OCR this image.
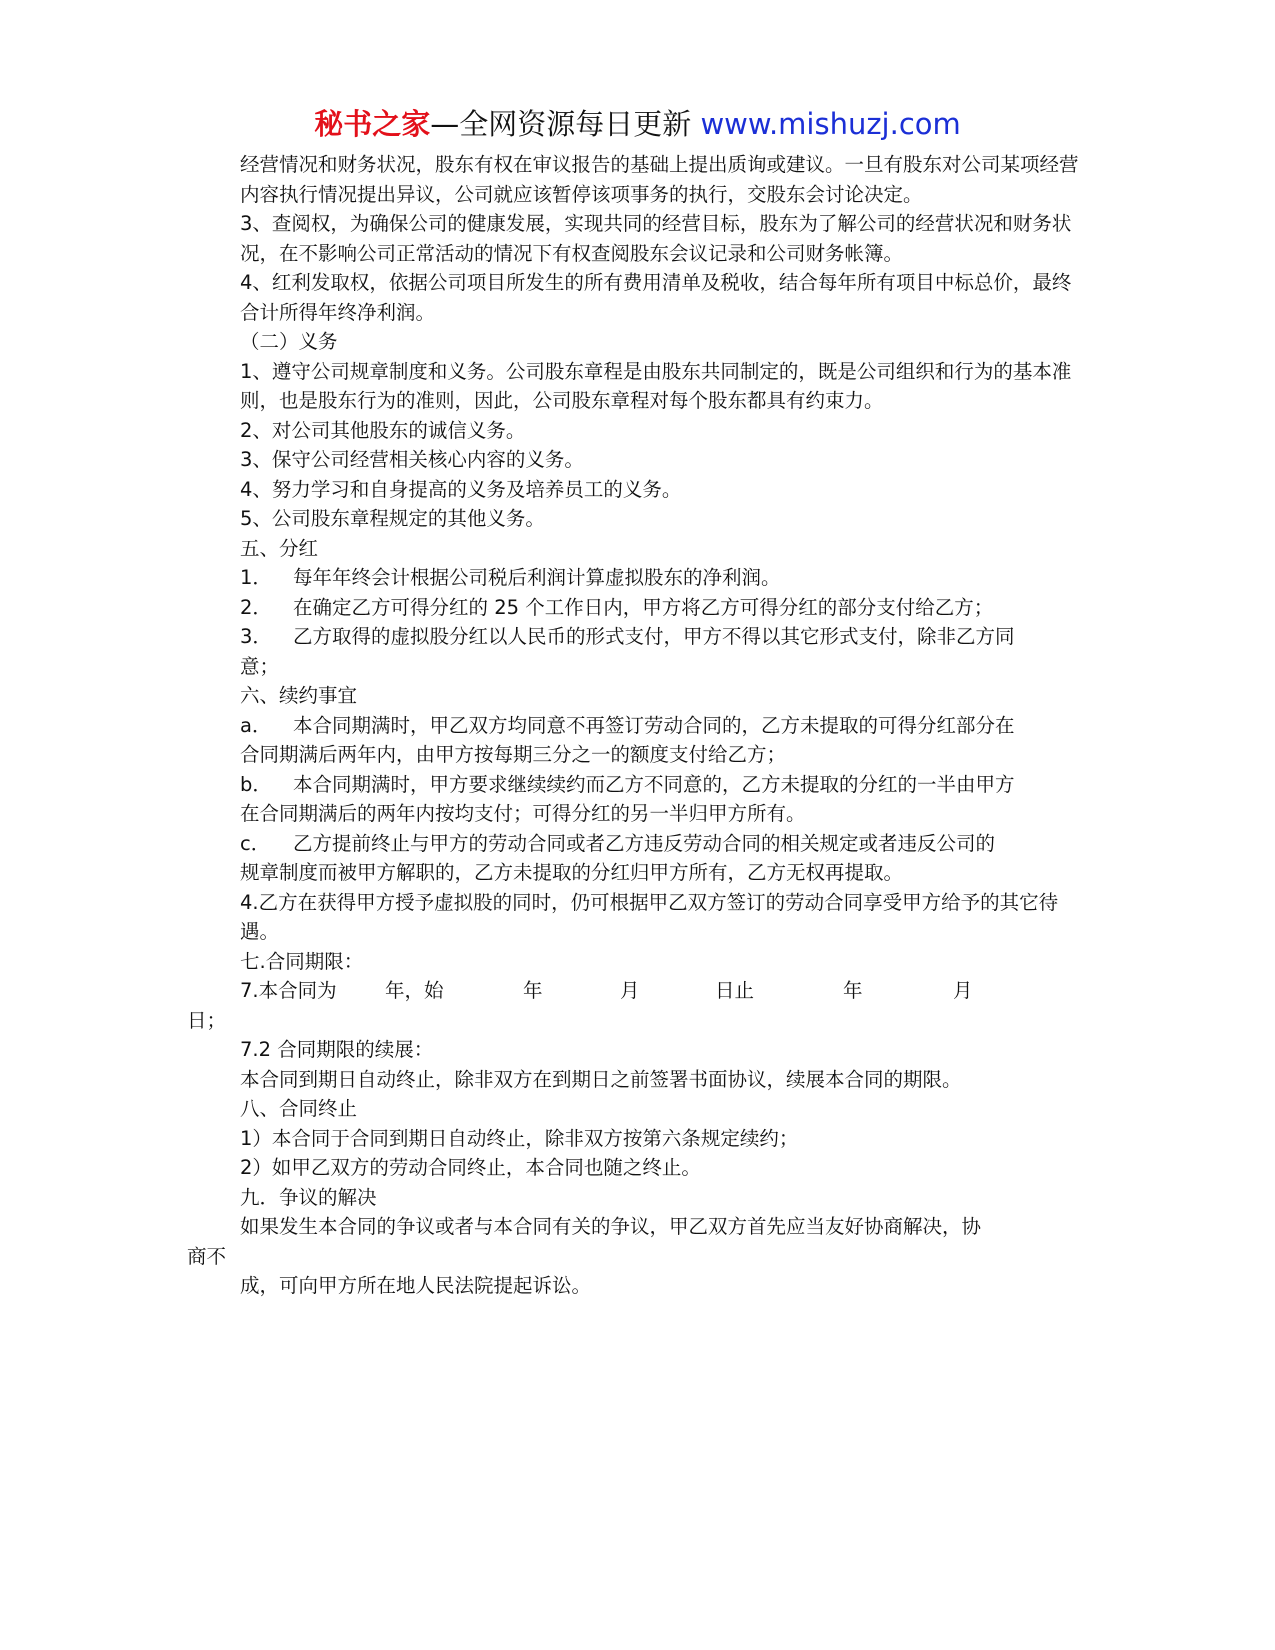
秘书之家—全网资源每日更新 www.mishuzj.com

经营情况和财务状况，股东有权在审议报告的基础上提出质询或建议。一旦有股东对公司某项经营内容执行情况提出异议，公司就应该暂停该项事务的执行，交股东会讨论决定。

3、查阅权，为确保公司的健康发展，实现共同的经营目标，股东为了解公司的经营状况和财务状况，在不影响公司正常活动的情况下有权查阅股东会议记录和公司财务帐簿。

4、红利发取权，依据公司项目所发生的所有费用清单及税收，结合每年所有项目中标总价，最终合计所得年终净利润。

（二）义务

1、遵守公司规章制度和义务。公司股东章程是由股东共同制定的，既是公司组织和行为的基本准则，也是股东行为的准则，因此，公司股东章程对每个股东都具有约束力。

2、对公司其他股东的诚信义务。

3、保守公司经营相关核心内容的义务。

4、努力学习和自身提高的义务及培养员工的义务。

5、公司股东章程规定的其他义务。

五、分红

1．	每年年终会计根据公司税后利润计算虚拟股东的净利润。
2．	在确定乙方可得分红的 25 个工作日内，甲方将乙方可得分红的部分支付给乙方；
3．	乙方取得的虚拟股分红以人民币的形式支付，甲方不得以其它形式支付，除非乙方同

意；

六、续约事宜

a．	本合同期满时，甲乙双方均同意不再签订劳动合同的，乙方未提取的可得分红部分在

合同期满后两年内，由甲方按每期三分之一的额度支付给乙方；

b．	本合同期满时，甲方要求继续续约而乙方不同意的，乙方未提取的分红的一半由甲方

在合同期满后的两年内按均支付；可得分红的另一半归甲方所有。

c．	乙方提前终止与甲方的劳动合同或者乙方违反劳动合同的相关规定或者违反公司的

规章制度而被甲方解职的，乙方未提取的分红归甲方所有，乙方无权再提取。

4.乙方在获得甲方授予虚拟股的同时，仍可根据甲乙双方签订的劳动合同享受甲方给予的其它待遇。

七.合同期限：

7.本合同为 年，始	年	月	日止	年	月

日；

7.2 合同期限的续展：

本合同到期日自动终止，除非双方在到期日之前签署书面协议，续展本合同的期限。

八、合同终止

1）本合同于合同到期日自动终止，除非双方按第六条规定续约；

2）如甲乙双方的劳动合同终止，本合同也随之终止。

九．争议的解决

如果发生本合同的争议或者与本合同有关的争议，甲乙双方首先应当友好协商解决，协

商不

成，可向甲方所在地人民法院提起诉讼。
